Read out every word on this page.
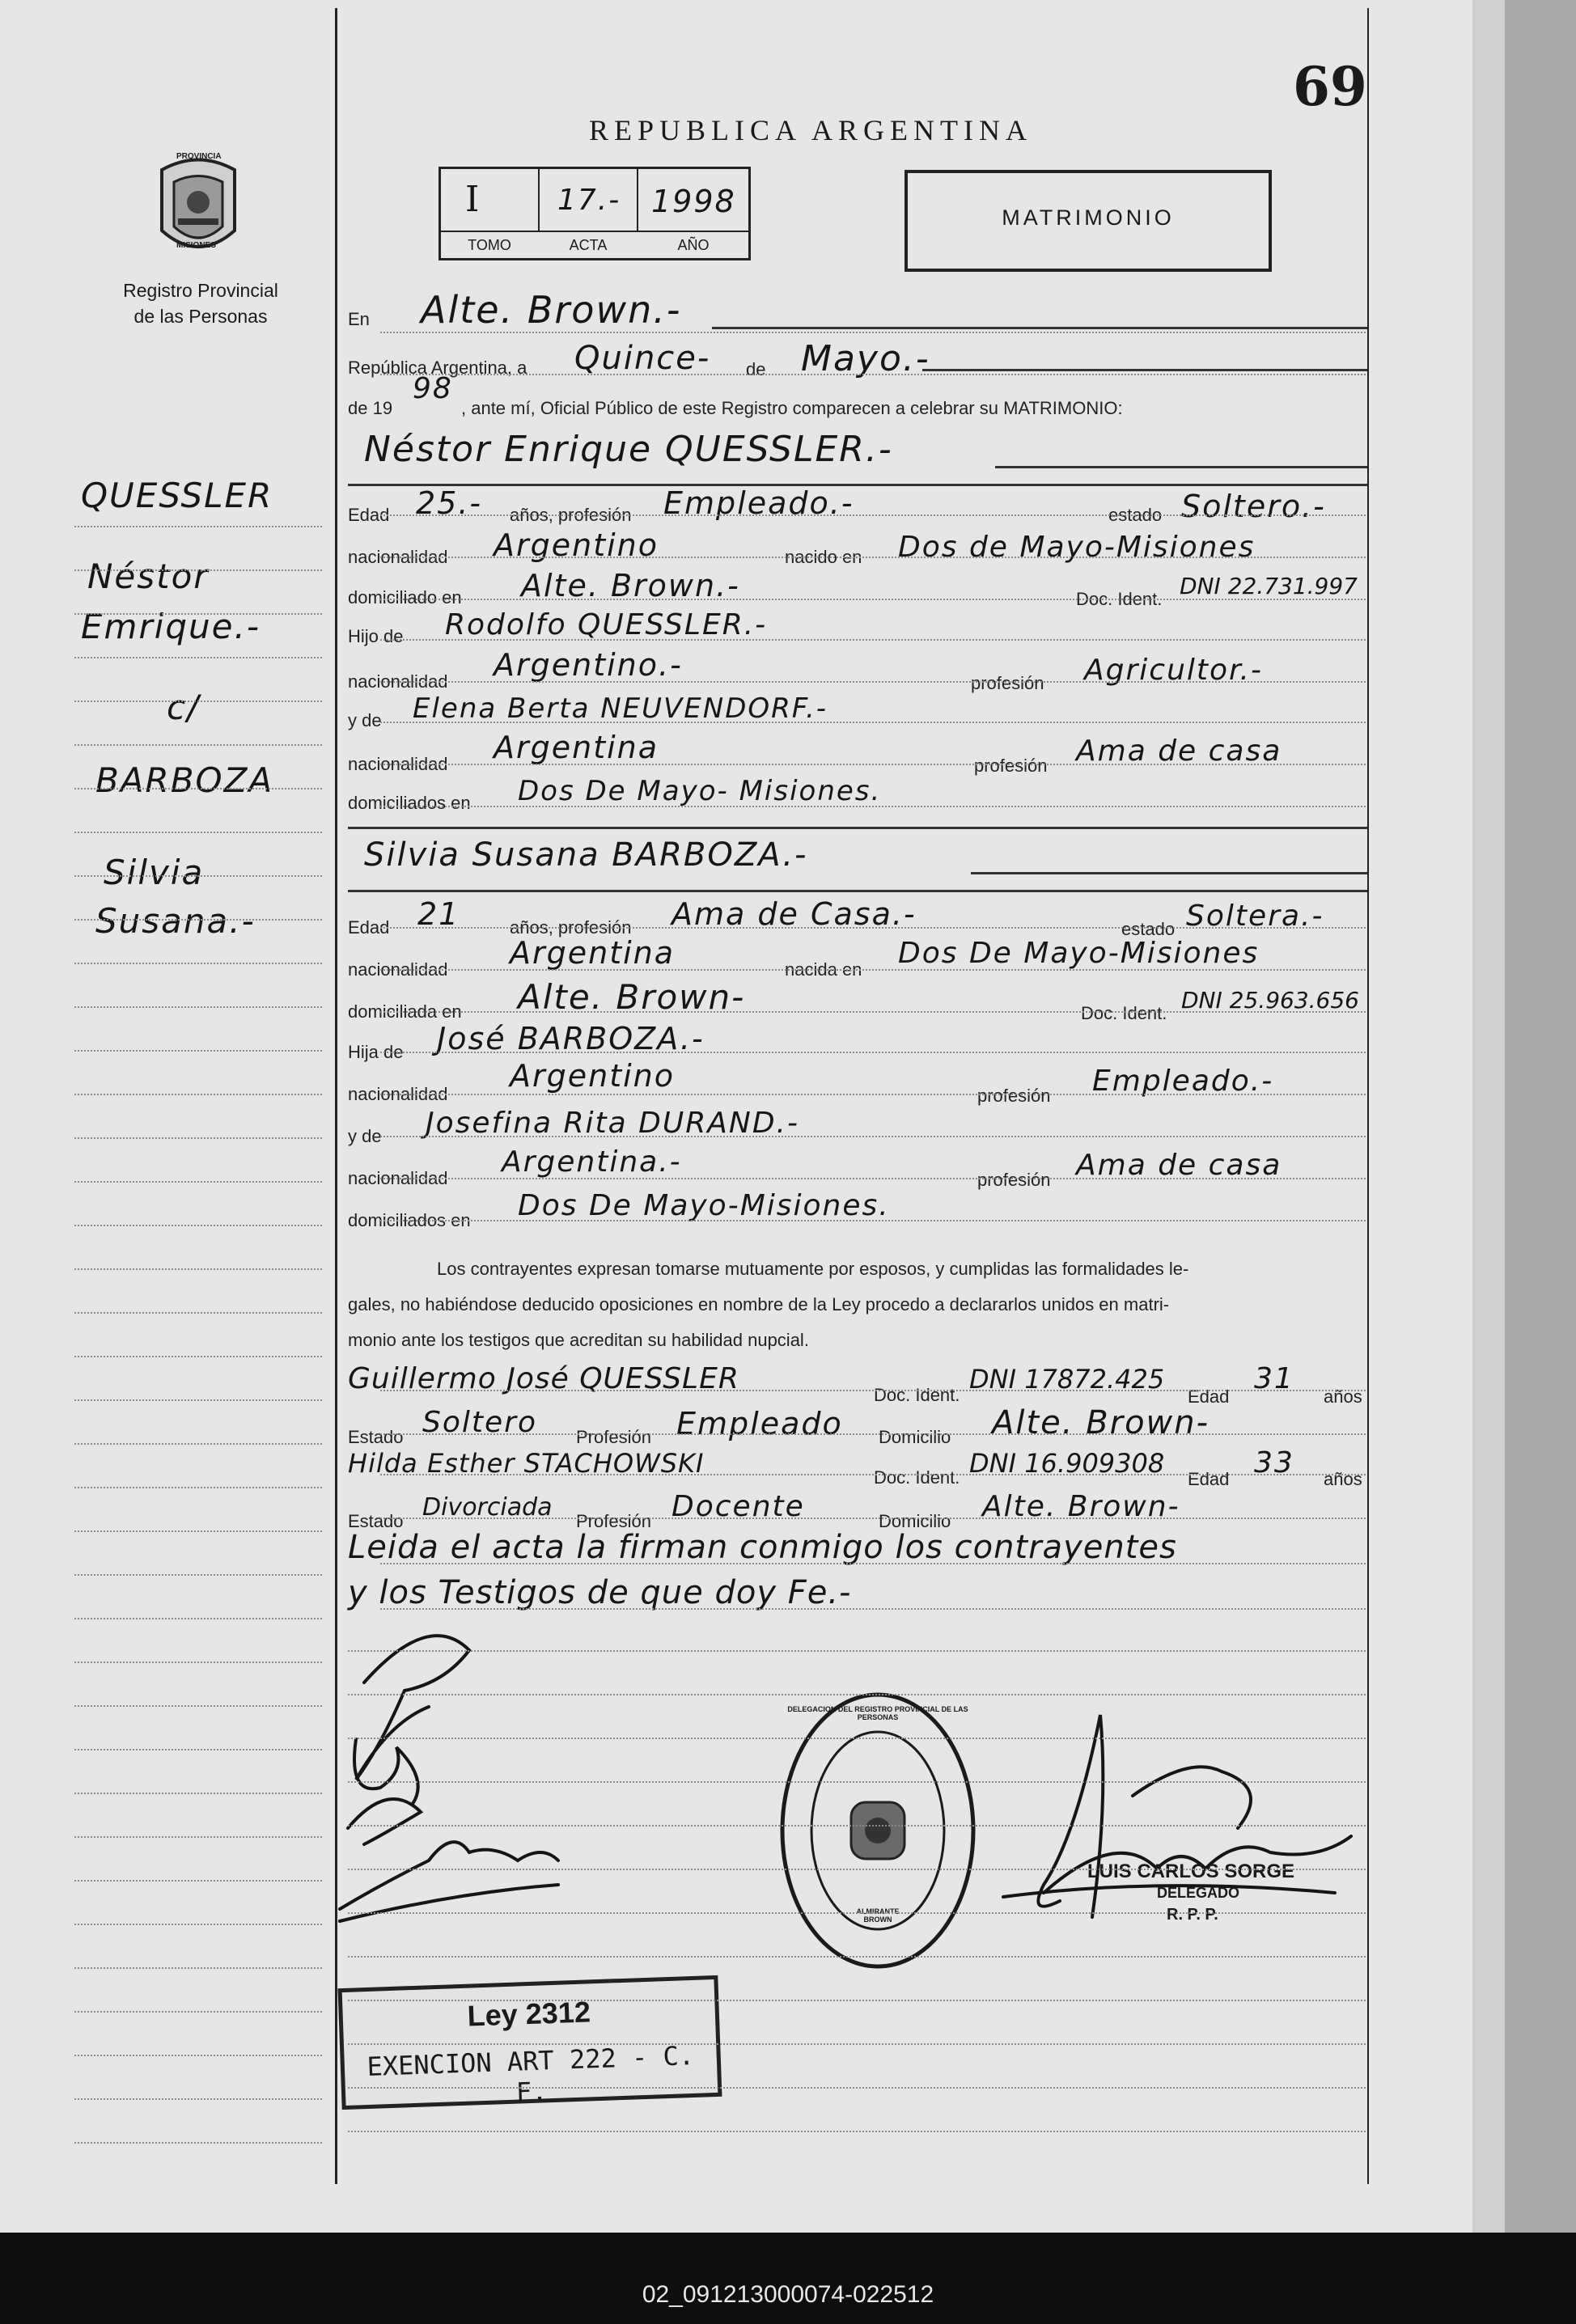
69
REPUBLICA ARGENTINA
PROVINCIA
MISIONES
Registro Provincial
de las Personas
I	17.- 1998
TOMO	ACTA	AÑO
MATRIMONIO
QUESSLER
Néstor
Emrique.-
c/
BARBOZA
Silvia
Susana.-
En Alte. Brown.-
República Argentina, a Quince- de Mayo.-
de 19
98
, ante mí, Oficial Público de este Registro comparecen a celebrar su MATRIMONIO:
Néstor Enrique QUESSLER.-
Edad 25.- años, profesión Empleado.-	estado Soltero.-
nacionalidad Argentino	nacido en Dos de Mayo-Misiones
domiciliado en Alte. Brown.-	Doc. Ident. DNI 22.731.997
Hijo de Rodolfo QUESSLER.-
nacionalidad Argentino.-
profesión Agricultor.-
y de Elena Berta NEUVENDORF.-
nacionalidad Argentina
profesión Ama de casa
domiciliados en Dos De Mayo- Misiones.
Silvia Susana BARBOZA.-
Edad 21	años, profesión Ama de Casa.-	estado Soltera.-
nacionalidad Argentina	nacida en Dos De Mayo-Misiones
domiciliada en Alte. Brown-	Doc. Ident. DNI 25.963.656
Hija de José BARBOZA.-
nacionalidad
Argentino
profesión Empleado.-
y de Josefina Rita DURAND.-
nacionalidad Argentina.-
profesión Ama de casa
domiciliados en Dos De Mayo-Misiones.
Los contrayentes expresan tomarse mutuamente por esposos, y cumplidas las formalidades le-
gales, no habiéndose deducido oposiciones en nombre de la Ley procedo a declararlos unidos en matri-
monio ante los testigos que acreditan su habilidad nupcial.
Guillermo José QUESSLER	Doc. Ident.
DNI 17872.425
Edad
31
años
Estado Soltero Profesión Empleado Domicilio Alte. Brown-
Hilda Esther STACHOWSKI	Doc. Ident. DNI 16.909308
Edad 33 años
Estado Divorciada Profesión Docente	Domicilio Alte. Brown-
Leida el acta la firman conmigo los contrayentes
y los Testigos de que doy Fe.-
ALMIRANTE BROWN
DELEGACION DEL REGISTRO PROVINCIAL DE LAS PERSONAS
LUIS CARLOS SORGE
DELEGADO
R. P. P.
Ley 2312
EXENCION ART 222 - C. F.
02_091213000074-022512
